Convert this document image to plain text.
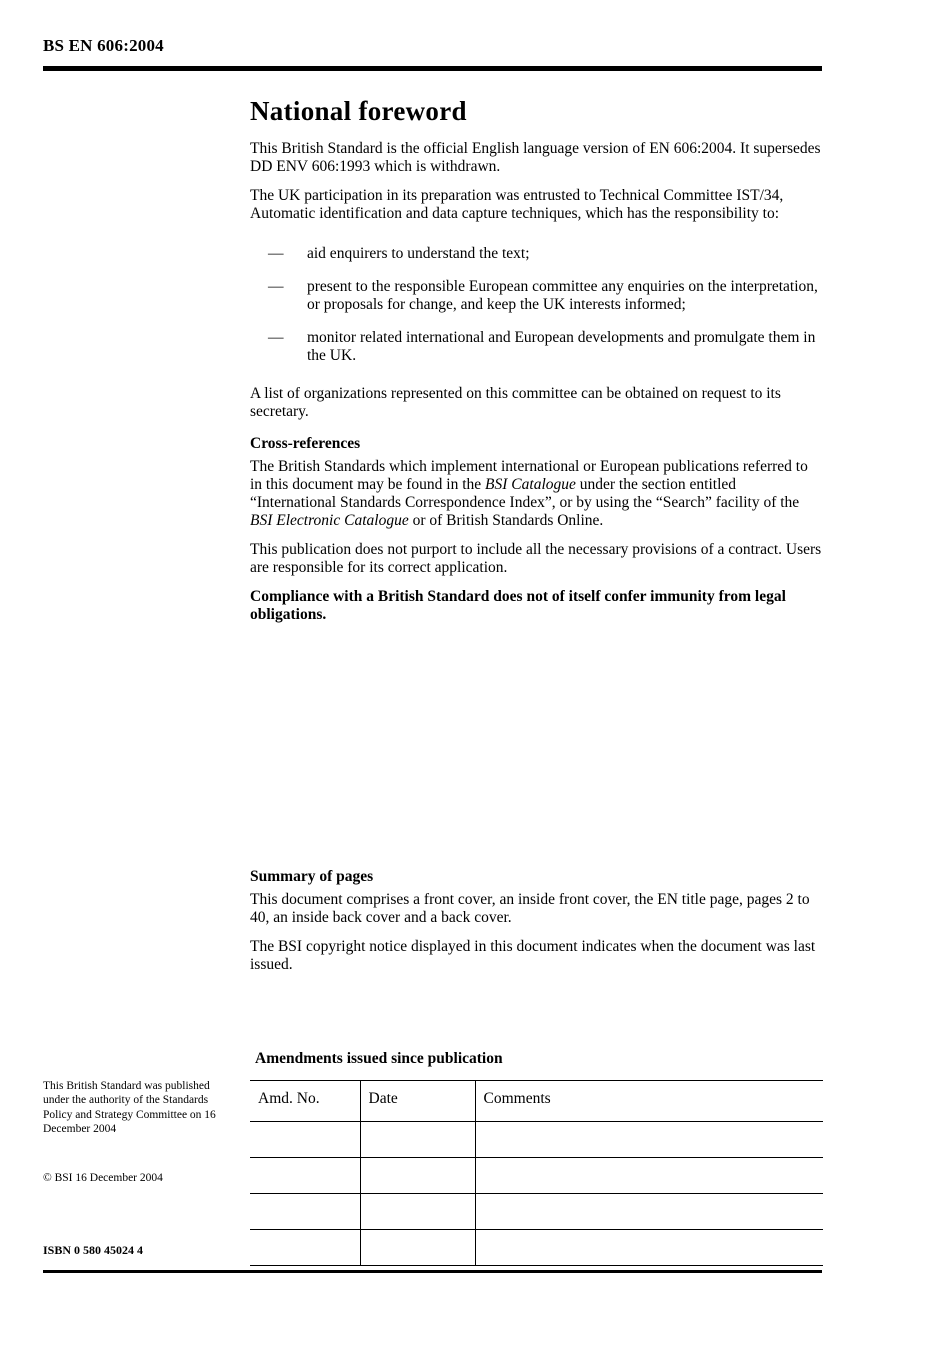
BS EN 606:2004
National foreword

This British Standard is the official English language version of EN 606:2004. It supersedes DD ENV 606:1993 which is withdrawn.

The UK participation in its preparation was entrusted to Technical Committee IST/34, Automatic identification and data capture techniques, which has the responsibility to:

—	aid enquirers to understand the text;
—	present to the responsible European committee any enquiries on the interpretation, or proposals for change, and keep the UK interests informed;
—	monitor related international and European developments and promulgate them in the UK.

A list of organizations represented on this committee can be obtained on request to its secretary.

Cross-references

The British Standards which implement international or European publications referred to in this document may be found in the BSI Catalogue under the section entitled “International Standards Correspondence Index”, or by using the “Search” facility of the BSI Electronic Catalogue or of British Standards Online.

This publication does not purport to include all the necessary provisions of a contract. Users are responsible for its correct application.

Compliance with a British Standard does not of itself confer immunity from legal obligations.

Summary of pages

This document comprises a front cover, an inside front cover, the EN title page, pages 2 to 40, an inside back cover and a back cover.

The BSI copyright notice displayed in this document indicates when the document was last issued.

Amendments issued since publication
Amd. No.	Date	Comments

This British Standard was published under the authority of the Standards Policy and Strategy Committee on 16 December 2004
© BSI 16 December 2004
ISBN 0 580 45024 4
